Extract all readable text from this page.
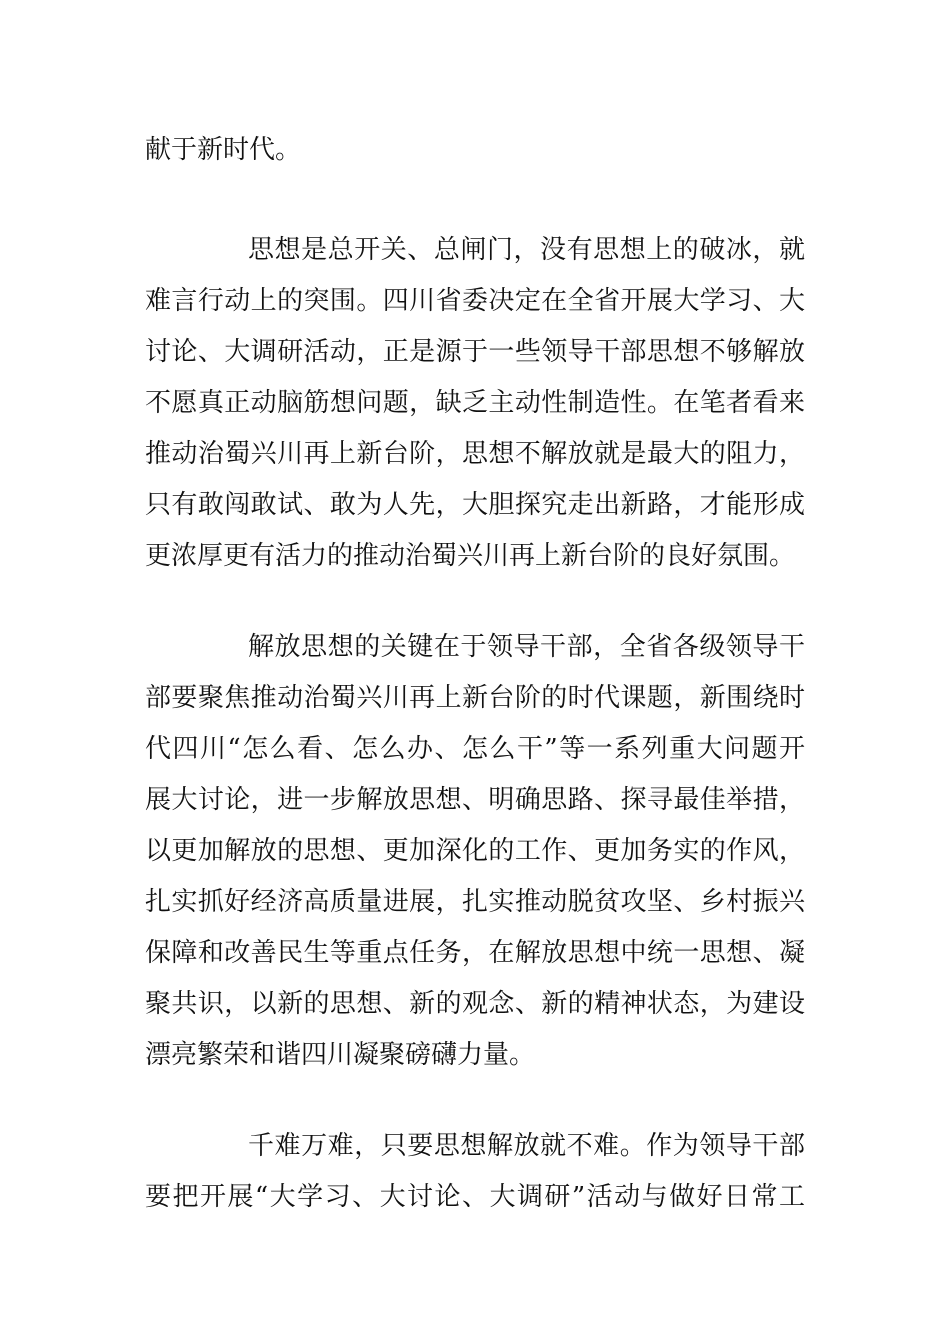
献于新时代。
思想是总开关、总闸门，没有思想上的破冰，就
难言行动上的突围。四川省委决定在全省开展大学习、大
讨论、大调研活动，正是源于一些领导干部思想不够解放
不愿真正动脑筋想问题，缺乏主动性制造性。在笔者看来
推动治蜀兴川再上新台阶，思想不解放就是最大的阻力，
只有敢闯敢试、敢为人先，大胆探究走出新路，才能形成
更浓厚更有活力的推动治蜀兴川再上新台阶的良好氛围。
解放思想的关键在于领导干部，全省各级领导干
部要聚焦推动治蜀兴川再上新台阶的时代课题，新围绕时
代四川“怎么看、怎么办、怎么干”等一系列重大问题开
展大讨论，进一步解放思想、明确思路、探寻最佳举措，
以更加解放的思想、更加深化的工作、更加务实的作风，
扎实抓好经济高质量进展，扎实推动脱贫攻坚、乡村振兴
保障和改善民生等重点任务，在解放思想中统一思想、凝
聚共识，以新的思想、新的观念、新的精神状态，为建设
漂亮繁荣和谐四川凝聚磅礴力量。
千难万难，只要思想解放就不难。作为领导干部
要把开展“大学习、大讨论、大调研”活动与做好日常工
